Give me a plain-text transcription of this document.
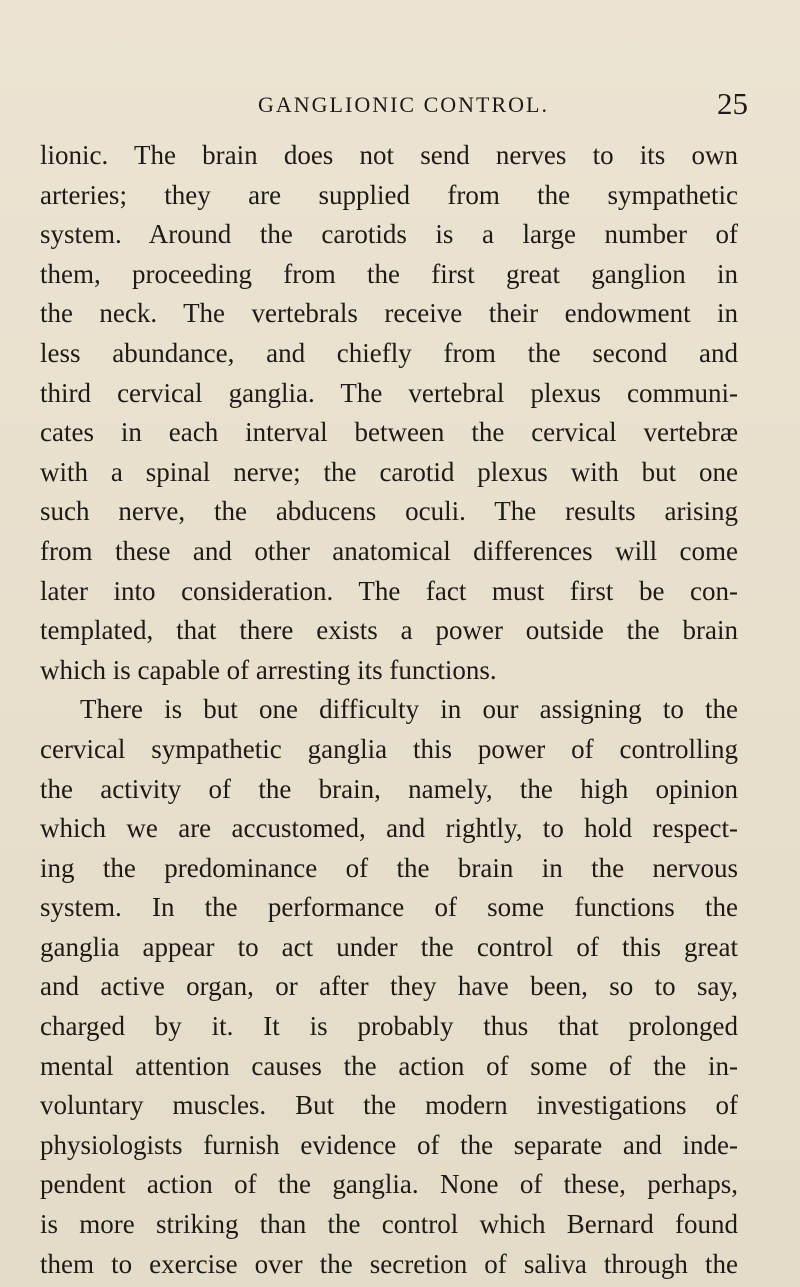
GANGLIONIC CONTROL.	25
lionic. The brain does not send nerves to its own
arteries; they are supplied from the sympathetic
system. Around the carotids is a large number of
them, proceeding from the first great ganglion in
the neck. The vertebrals receive their endowment in
less abundance, and chiefly from the second and
third cervical ganglia. The vertebral plexus communi-
cates in each interval between the cervical vertebræ
with a spinal nerve; the carotid plexus with but one
such nerve, the abducens oculi. The results arising
from these and other anatomical differences will come
later into consideration. The fact must first be con-
templated, that there exists a power outside the brain
which is capable of arresting its functions.
There is but one difficulty in our assigning to the
cervical sympathetic ganglia this power of controlling
the activity of the brain, namely, the high opinion
which we are accustomed, and rightly, to hold respect-
ing the predominance of the brain in the nervous
system. In the performance of some functions the
ganglia appear to act under the control of this great
and active organ, or after they have been, so to say,
charged by it. It is probably thus that prolonged
mental attention causes the action of some of the in-
voluntary muscles. But the modern investigations of
physiologists furnish evidence of the separate and inde-
pendent action of the ganglia. None of these, perhaps,
is more striking than the control which Bernard found
them to exercise over the secretion of saliva through the
